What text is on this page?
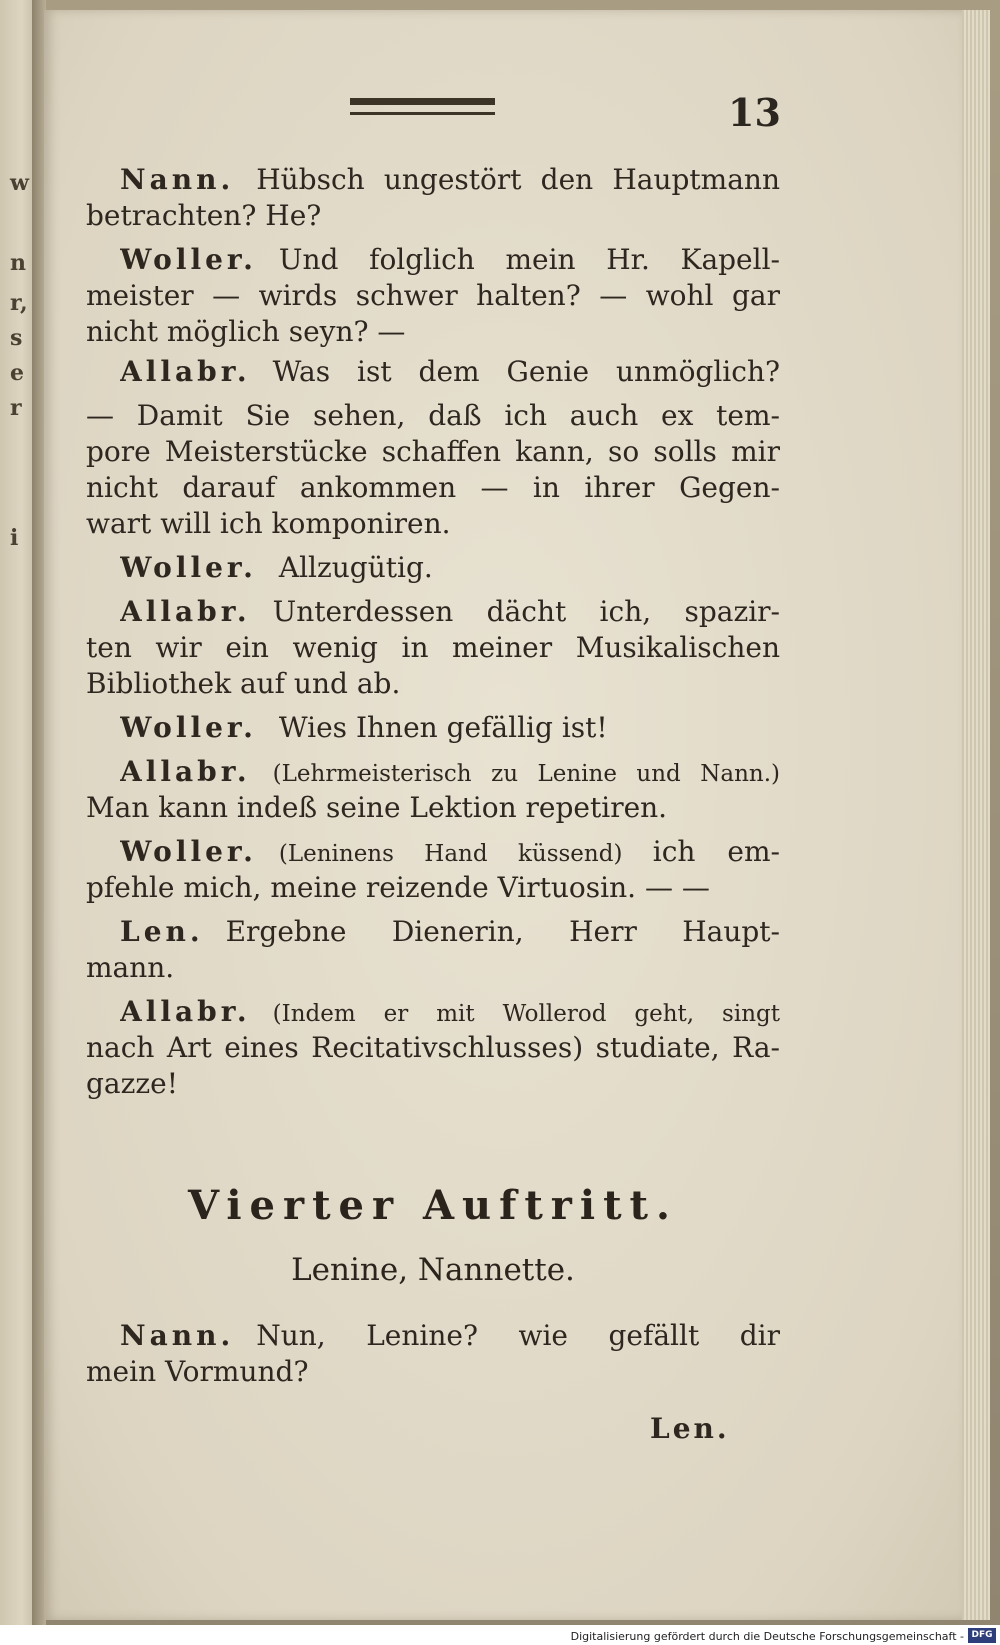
w
n
r,
s
e
r
i
13
Nann. Hübsch ungestört den Hauptmann
betrachten? He?
Woller. Und folglich mein Hr. Kapell-
meister — wirds schwer halten? — wohl gar
nicht möglich seyn? —
Allabr. Was ist dem Genie unmöglich?
— Damit Sie sehen, daß ich auch ex tem-
pore Meisterstücke schaffen kann, so solls mir
nicht darauf ankommen — in ihrer Gegen-
wart will ich komponiren.
Woller. Allzugütig.
Allabr. Unterdessen dächt ich, spazir-
ten wir ein wenig in meiner Musikalischen
Bibliothek auf und ab.
Woller. Wies Ihnen gefällig ist!
Allabr. (Lehrmeisterisch zu Lenine und Nann.)
Man kann indeß seine Lektion repetiren.
Woller. (Leninens Hand küssend) ich em-
pfehle mich, meine reizende Virtuosin. — —
Len. Ergebne Dienerin, Herr Haupt-
mann.
Allabr. (Indem er mit Wollerod geht, singt
nach Art eines Recitativschlusses) studiate, Ra-
gazze!
Vierter Auftritt.
Lenine, Nannette.
Nann. Nun, Lenine? wie gefällt dir
mein Vormund?
Len.
Digitalisierung gefördert durch die Deutsche Forschungsgemeinschaft - DFG
